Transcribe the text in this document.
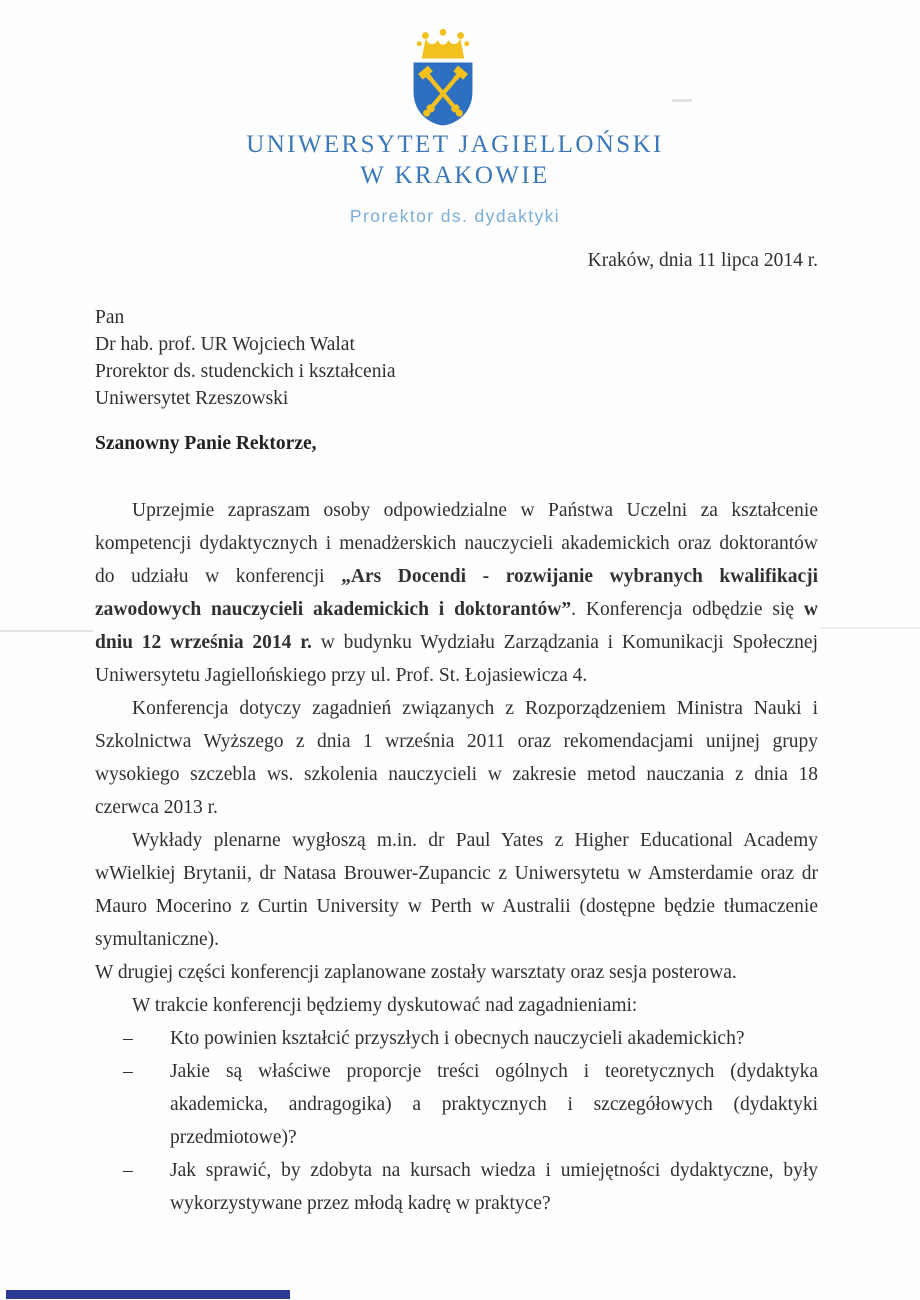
UNIWERSYTET JAGIELLOŃSKI
W KRAKOWIE
Prorektor ds. dydaktyki
Kraków, dnia 11 lipca 2014 r.
Pan
Dr hab. prof. UR Wojciech Walat
Prorektor ds. studenckich i kształcenia
Uniwersytet Rzeszowski
Szanowny Panie Rektorze,

Uprzejmie zapraszam osoby odpowiedzialne w Państwa Uczelni za kształcenie kompetencji dydaktycznych i menadżerskich nauczycieli akademickich oraz doktorantów do udziału w konferencji „Ars Docendi - rozwijanie wybranych kwalifikacji zawodowych nauczycieli akademickich i doktorantów”. Konferencja odbędzie się w dniu 12 września 2014 r. w budynku Wydziału Zarządzania i Komunikacji Społecznej Uniwersytetu Jagiellońskiego przy ul. Prof. St. Łojasiewicza 4.

Konferencja dotyczy zagadnień związanych z Rozporządzeniem Ministra Nauki i Szkolnictwa Wyższego z dnia 1 września 2011 oraz rekomendacjami unijnej grupy wysokiego szczebla ws. szkolenia nauczycieli w zakresie metod nauczania z dnia 18 czerwca 2013 r.

Wykłady plenarne wygłoszą m.in. dr Paul Yates z Higher Educational Academy wWielkiej Brytanii, dr Natasa Brouwer-Zupancic z Uniwersytetu w Amsterdamie oraz dr Mauro Mocerino z Curtin University w Perth w Australii (dostępne będzie tłumaczenie symultaniczne).

W drugiej części konferencji zaplanowane zostały warsztaty oraz sesja posterowa.

W trakcie konferencji będziemy dyskutować nad zagadnieniami:

– Kto powinien kształcić przyszłych i obecnych nauczycieli akademickich?
– Jakie są właściwe proporcje treści ogólnych i teoretycznych (dydaktyka akademicka, andragogika) a praktycznych i szczegółowych (dydaktyki przedmiotowe)?
– Jak sprawić, by zdobyta na kursach wiedza i umiejętności dydaktyczne, były wykorzystywane przez młodą kadrę w praktyce?
